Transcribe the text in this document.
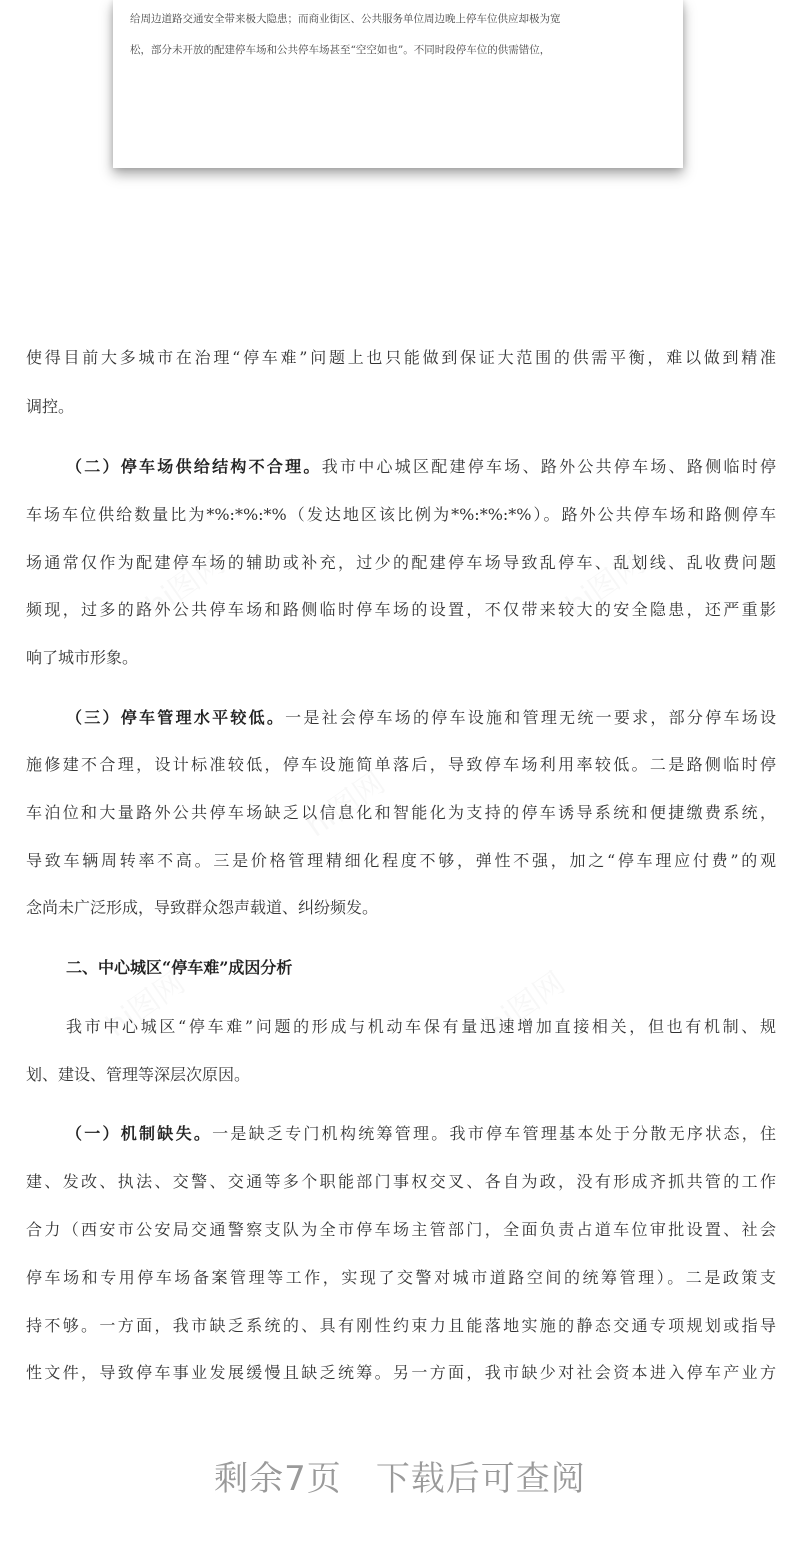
给周边道路交通安全带来极大隐患；而商业街区、公共服务单位周边晚上停车位供应却极为宽
松，部分未开放的配建停车场和公共停车场甚至“空空如也”。不同时段停车位的供需错位，
hi图网	hi图网
hi图网
hi图网	hi图网
使得目前大多城市在治理“停车难”问题上也只能做到保证大范围的供需平衡，难以做到精准
调控。
（二）停车场供给结构不合理。我市中心城区配建停车场、路外公共停车场、路侧临时停
车场车位供给数量比为*%:*%:*%（发达地区该比例为*%:*%:*%）。路外公共停车场和路侧停车
场通常仅作为配建停车场的辅助或补充，过少的配建停车场导致乱停车、乱划线、乱收费问题
频现，过多的路外公共停车场和路侧临时停车场的设置，不仅带来较大的安全隐患，还严重影
响了城市形象。
（三）停车管理水平较低。一是社会停车场的停车设施和管理无统一要求，部分停车场设
施修建不合理，设计标准较低，停车设施简单落后，导致停车场利用率较低。二是路侧临时停
车泊位和大量路外公共停车场缺乏以信息化和智能化为支持的停车诱导系统和便捷缴费系统，
导致车辆周转率不高。三是价格管理精细化程度不够，弹性不强，加之“停车理应付费”的观
念尚未广泛形成，导致群众怨声载道、纠纷频发。
二、中心城区“停车难”成因分析
我市中心城区“停车难”问题的形成与机动车保有量迅速增加直接相关，但也有机制、规
划、建设、管理等深层次原因。
（一）机制缺失。一是缺乏专门机构统筹管理。我市停车管理基本处于分散无序状态，住
建、发改、执法、交警、交通等多个职能部门事权交叉、各自为政，没有形成齐抓共管的工作
合力（西安市公安局交通警察支队为全市停车场主管部门，全面负责占道车位审批设置、社会
停车场和专用停车场备案管理等工作，实现了交警对城市道路空间的统筹管理）。二是政策支
持不够。一方面，我市缺乏系统的、具有刚性约束力且能落地实施的静态交通专项规划或指导
性文件，导致停车事业发展缓慢且缺乏统筹。另一方面，我市缺少对社会资本进入停车产业方
剩余7页 下载后可查阅
